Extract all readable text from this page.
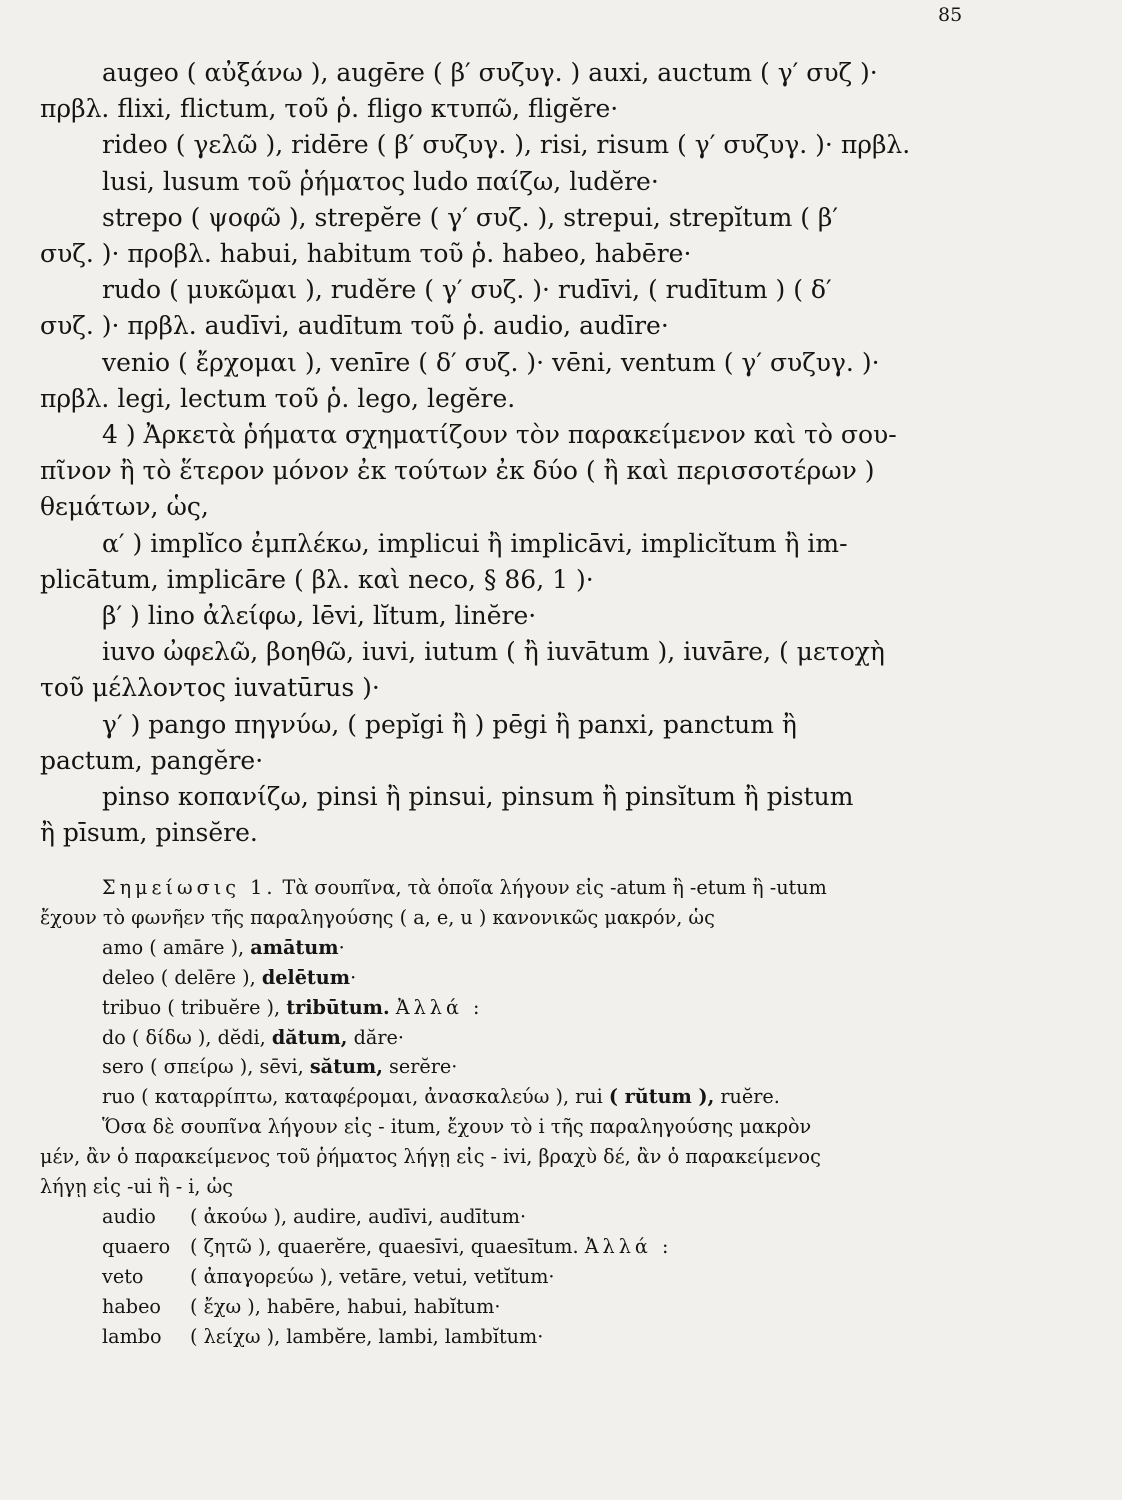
85

augeo ( αὐξάνω ), augēre ( β′ συζυγ. ) auxi, auctum ( γ′ συζ )·

πρβλ. flixi, flictum, τοῦ ῥ. fligo κτυπῶ, fligĕre·

rideo ( γελῶ ), ridēre ( β′ συζυγ. ), risi, risum ( γ′ συζυγ. )· πρβλ.

lusi, lusum τοῦ ῥήματος ludo παίζω, ludĕre·

strepo ( ψοφῶ ), strepĕre ( γ′ συζ. ), strepui, strepĭtum ( β′

συζ. )· προβλ. habui, habitum τοῦ ῥ. habeo, habēre·

rudo ( μυκῶμαι ), rudĕre ( γ′ συζ. )· rudīvi, ( rudītum ) ( δ′

συζ. )· πρβλ. audīvi, audītum τοῦ ῥ. audio, audīre·

venio ( ἔρχομαι ), venīre ( δ′ συζ. )· vēni, ventum ( γ′ συζυγ. )·

πρβλ. legi, lectum τοῦ ῥ. lego, legĕre.

4 ) Ἀρκετὰ ῥήματα σχηματίζουν τὸν παρακείμενον καὶ τὸ σου-

πῖνον ἢ τὸ ἕτερον μόνον ἐκ τούτων ἐκ δύο ( ἢ καὶ περισσοτέρων )

θεμάτων, ὡς,

α′ ) implĭco ἐμπλέκω, implicui ἢ implicāvi, implicĭtum ἢ im-

plicātum, implicāre ( βλ. καὶ neco, § 86, 1 )·

β′ ) lino ἀλείφω, lēvi, lĭtum, linĕre·

iuvo ὠφελῶ, βοηθῶ, iuvi, iutum ( ἢ iuvātum ), iuvāre, ( μετοχὴ

τοῦ μέλλοντος iuvatūrus )·

γ′ ) pango πηγνύω, ( pepĭgi ἢ ) pēgi ἢ panxi, panctum ἢ

pactum, pangĕre·

pinso κοπανίζω, pinsi ἢ pinsui, pinsum ἢ pinsĭtum ἢ pistum

ἢ pīsum, pinsĕre.

Σημείωσις 1. Τὰ σουπῖνα, τὰ ὁποῖα λήγουν εἰς -atum ἢ -etum ἢ -utum

ἔχουν τὸ φωνῆεν τῆς παραληγούσης ( a, e, u ) κανονικῶς μακρόν, ὡς

amo ( amāre ), amātum·
deleo ( delēre ), delētum·
tribuo ( tribuĕre ), tribūtum. Ἀλλά :
do ( δίδω ), dĕdi, dătum, dăre·
sero ( σπείρω ), sēvi, sătum, serĕre·
ruo ( καταρρίπτω, καταφέρομαι, ἀνασκαλεύω ), rui ( rŭtum ), ruĕre.

Ὅσα δὲ σουπῖνα λήγουν εἰς - itum, ἔχουν τὸ i τῆς παραληγούσης μακρὸν

μέν, ἂν ὁ παρακείμενος τοῦ ῥήματος λήγῃ εἰς - ivi, βραχὺ δέ, ἂν ὁ παρακείμενος

λήγῃ εἰς -ui ἢ - i, ὡς

audio	( ἀκούω ), audire, audīvi, audītum·
quaero	( ζητῶ ), quaerĕre, quaesīvi, quaesītum.
Ἀλλά :
veto	( ἀπαγορεύω ), vetāre, vetui, vetĭtum·
habeo	( ἔχω ), habēre, habui, habĭtum·
lambo	( λείχω ), lambĕre, lambi, lambĭtum·
